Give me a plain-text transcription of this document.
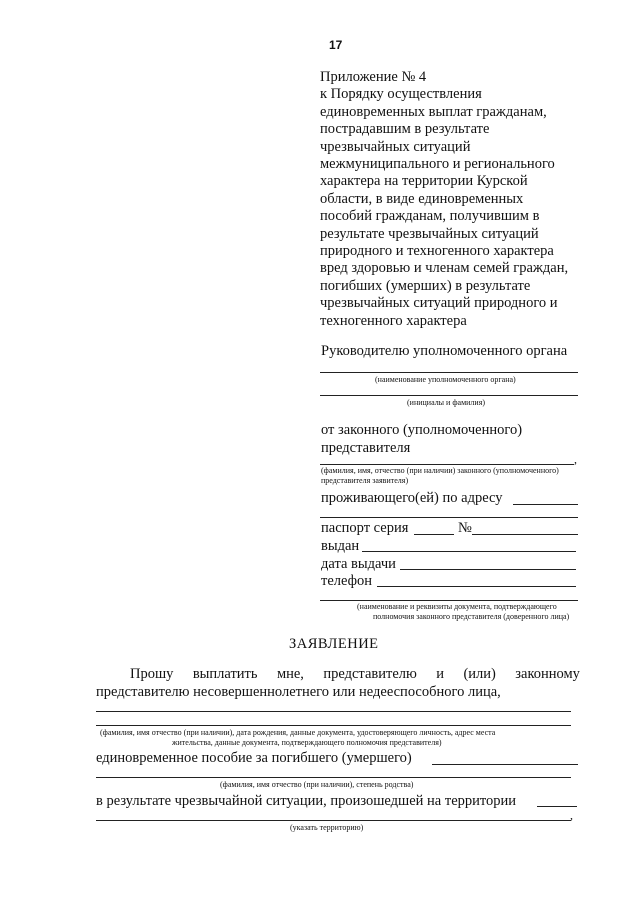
17
Приложение № 4
к Порядку осуществления
единовременных выплат гражданам,
пострадавшим в результате
чрезвычайных ситуаций
межмуниципального и регионального
характера на территории Курской
области, в виде единовременных
пособий гражданам, получившим в
результате чрезвычайных ситуаций
природного и техногенного характера
вред здоровью и членам семей граждан,
погибших (умерших) в результате
чрезвычайных ситуаций природного и
техногенного характера
Руководителю уполномоченного органа
(наименование уполномоченного органа)
(инициалы и фамилия)
от законного (уполномоченного)
представителя
,
(фамилия, имя, отчество (при наличии) законного (уполномоченного)
представителя заявителя)
проживающего(ей) по адресу
паспорт серия	№
выдан
дата выдачи
телефон
(наименование и реквизиты документа, подтверждающего
полномочия законного представителя (доверенного лица)
ЗАЯВЛЕНИЕ
Прошу выплатить мне, представителю и (или) законному
представителю несовершеннолетнего или недееспособного лица,
(фамилия, имя отчество (при наличии), дата рождения, данные документа, удостоверяющего личность, адрес места
жительства, данные документа, подтверждающего полномочия представителя)
единовременное пособие за погибшего (умершего)
(фамилия, имя отчество (при наличии), степень родства)
в результате чрезвычайной ситуации, произошедшей на территории
,
(указать территорию)
